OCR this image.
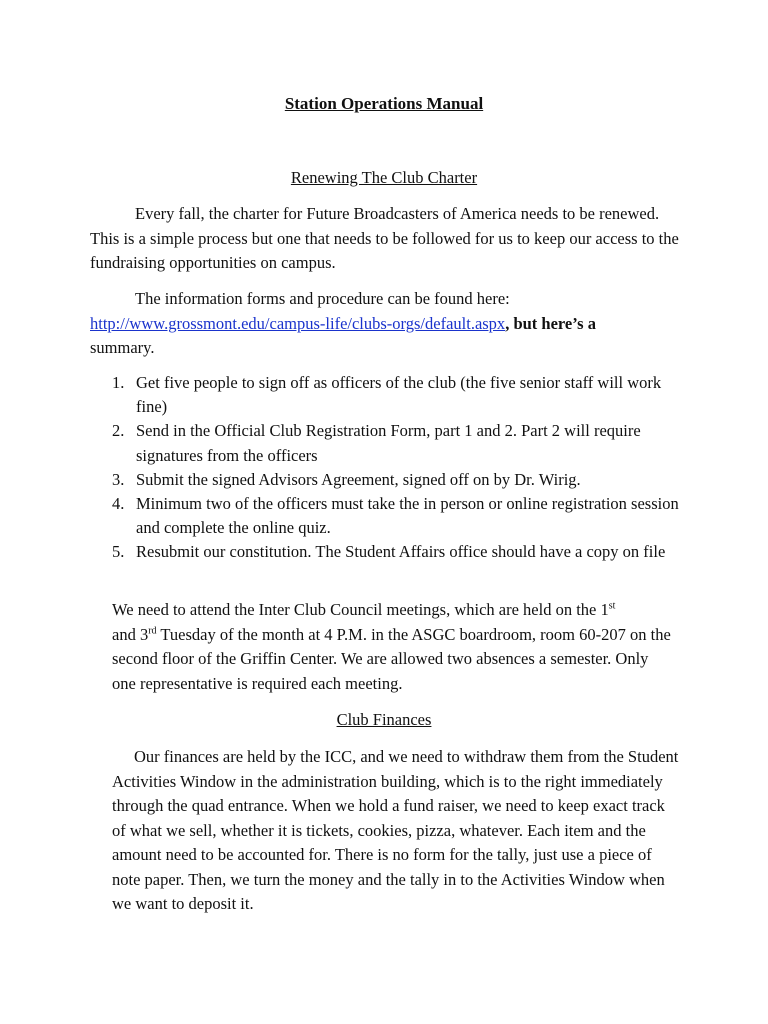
Station Operations Manual
Renewing The Club Charter

Every fall, the charter for Future Broadcasters of America needs to be renewed. This is a simple process but one that needs to be followed for us to keep our access to the fundraising opportunities on campus.

The information forms and procedure can be found here:
http://www.grossmont.edu/campus-life/clubs-orgs/default.aspx, but here’s a
summary.

1. Get five people to sign off as officers of the club (the five senior staff will work fine)
2. Send in the Official Club Registration Form, part 1 and 2. Part 2 will require signatures from the officers
3. Submit the signed Advisors Agreement, signed off on by Dr. Wirig.
4. Minimum two of the officers must take the in person or online registration session and complete the online quiz.
5. Resubmit our constitution. The Student Affairs office should have a copy on file

We need to attend the Inter Club Council meetings, which are held on the 1st
and 3rd Tuesday of the month at 4 P.M. in the ASGC boardroom, room 60-207 on the second floor of the Griffin Center. We are allowed two absences a semester. Only one representative is required each meeting.

Club Finances

Our finances are held by the ICC, and we need to withdraw them from the Student Activities Window in the administration building, which is to the right immediately through the quad entrance. When we hold a fund raiser, we need to keep exact track of what we sell, whether it is tickets, cookies, pizza, whatever. Each item and the amount need to be accounted for. There is no form for the tally, just use a piece of note paper. Then, we turn the money and the tally in to the Activities Window when we want to deposit it.
